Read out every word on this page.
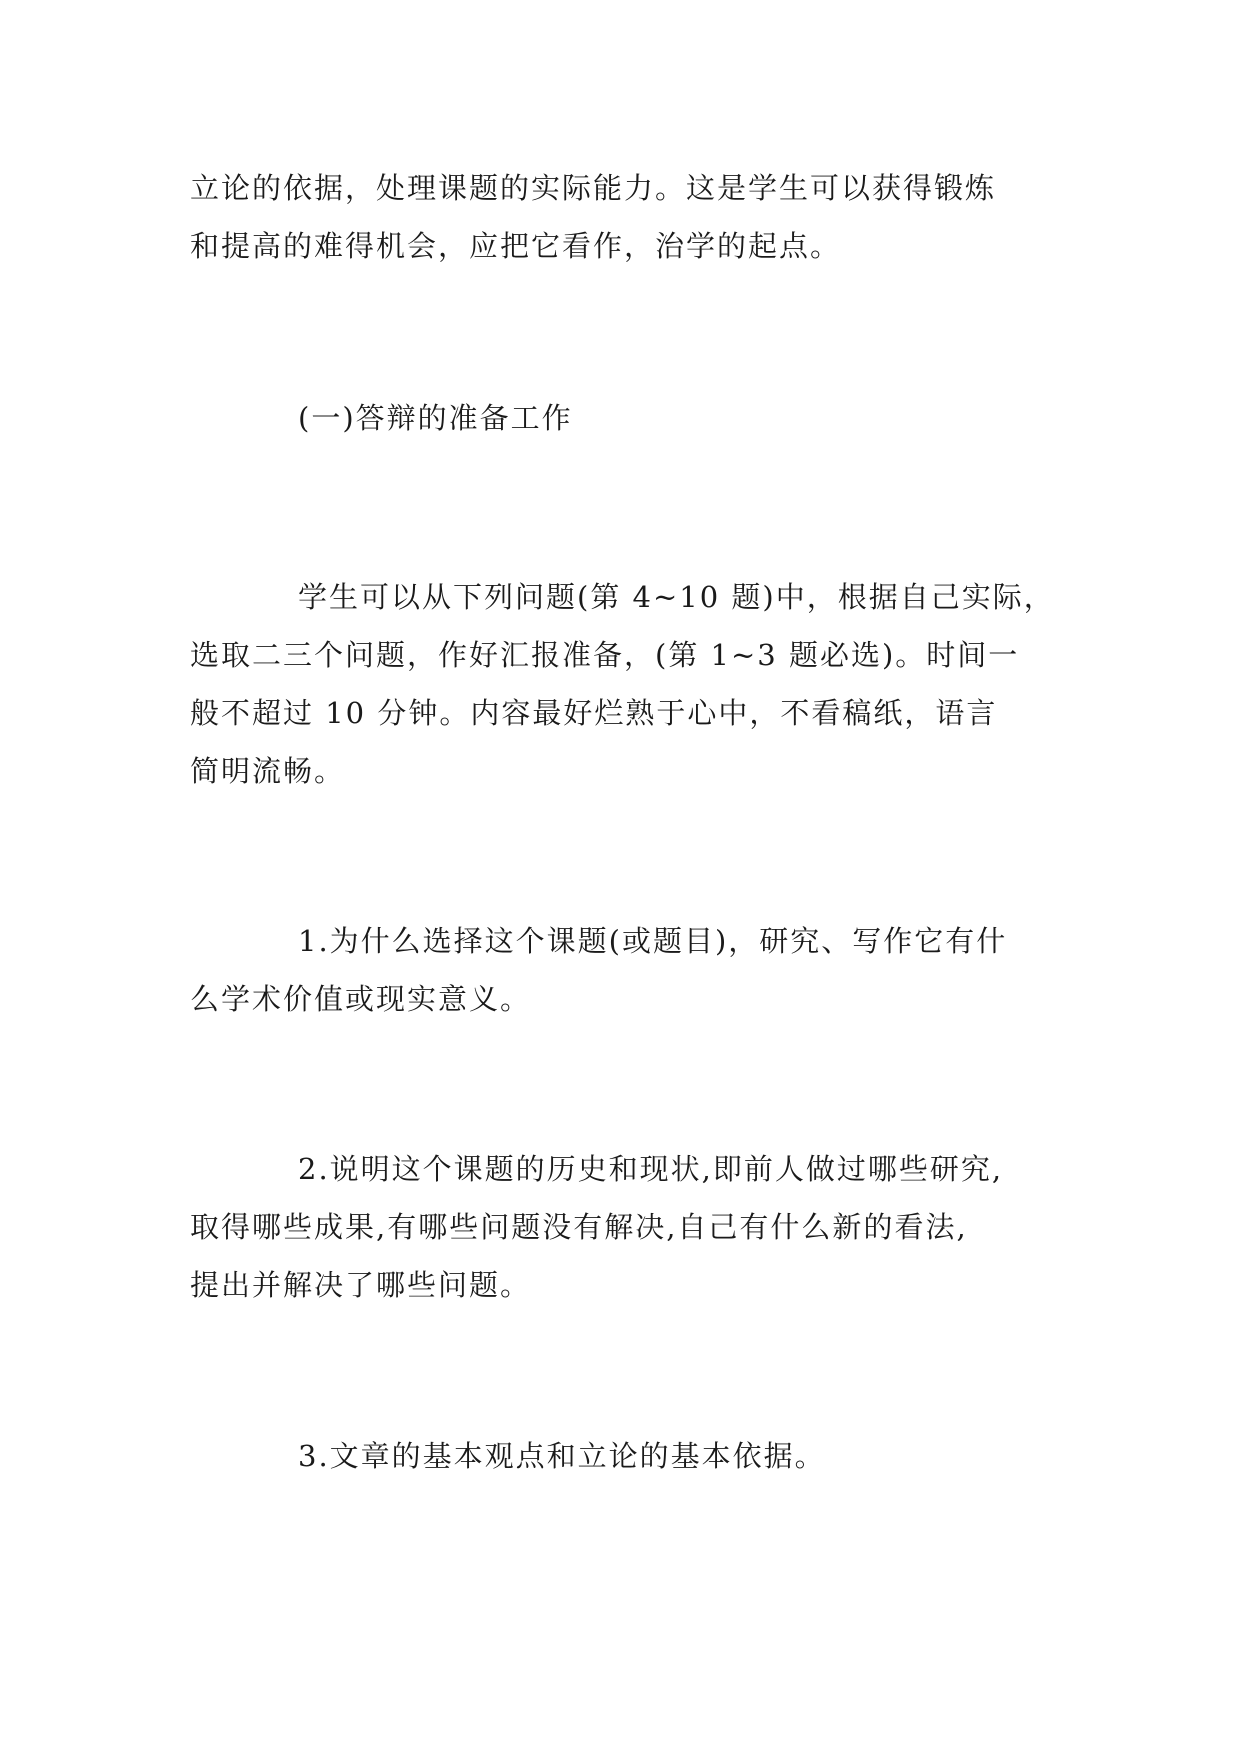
立论的依据，处理课题的实际能力。这是学生可以获得锻炼
和提高的难得机会，应把它看作，治学的起点。
(一)答辩的准备工作
学生可以从下列问题(第 4~10 题)中，根据自己实际，
选取二三个问题，作好汇报准备，(第 1~3 题必选)。时间一
般不超过 10 分钟。内容最好烂熟于心中，不看稿纸，语言
简明流畅。
1.为什么选择这个课题(或题目)，研究、写作它有什
么学术价值或现实意义。
2.说明这个课题的历史和现状,即前人做过哪些研究,
取得哪些成果,有哪些问题没有解决,自己有什么新的看法,
提出并解决了哪些问题。
3.文章的基本观点和立论的基本依据。
